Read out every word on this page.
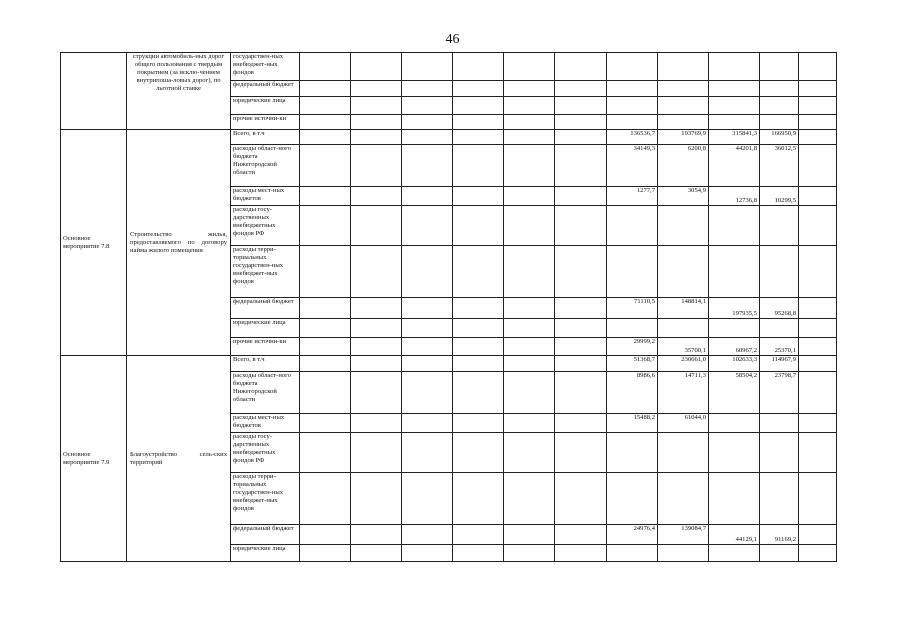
46
	струкции автомобиль-ных дорог общего пользования с твердым покрытием (за исклю-чением внутрипоша-ловых дорог), по льготной ставке	государствен-ных внебюджет-ных фондов											
		федеральный бюджет											
		юридические лица											
		прочие источни-ки											
Основное мероприятие 7.8	Строительство жилья, предоставляемого по договору найма жилого помещения	Всего, в т.ч							136536,7	193769,9	315841,3	166950,9	
		расходы област-ного бюджета Нижегородской области							34149,3	6200,8	44201,8	36012,5	
		расходы мест-ных бюджетов							1277,7	3054,9	12736,8	10299,5	
		расходы госу-дарственных внебюджетных фондов РФ											
		расходы терри-ториальных государствен-ных внебюджет-ных фондов											
		федеральный бюджет							71110,5	148814,1	197935,5	95268,8	
		юридические лица											
		прочие источни-ки							29999,2	35700,1	60967,2	25370,1	
Основное мероприятие 7.9	Благоустройство сель-ских территорий	Всего, в т.ч							51368,7	230661,0	102633,3	114967,9	
		расходы област-ного бюджета Нижегородской области							8986,6	14711,3	58504,2	23798,7	
		расходы мест-ных бюджетов							15488,2	61044,0			
		расходы госу-дарственных внебюджетных фондов РФ											
		расходы терри-ториальных государствен-ных внебюджет-ных фондов											
		федеральный бюджет							24976,4	139084,7	44129,1	91169,2	
		юридические лица											
